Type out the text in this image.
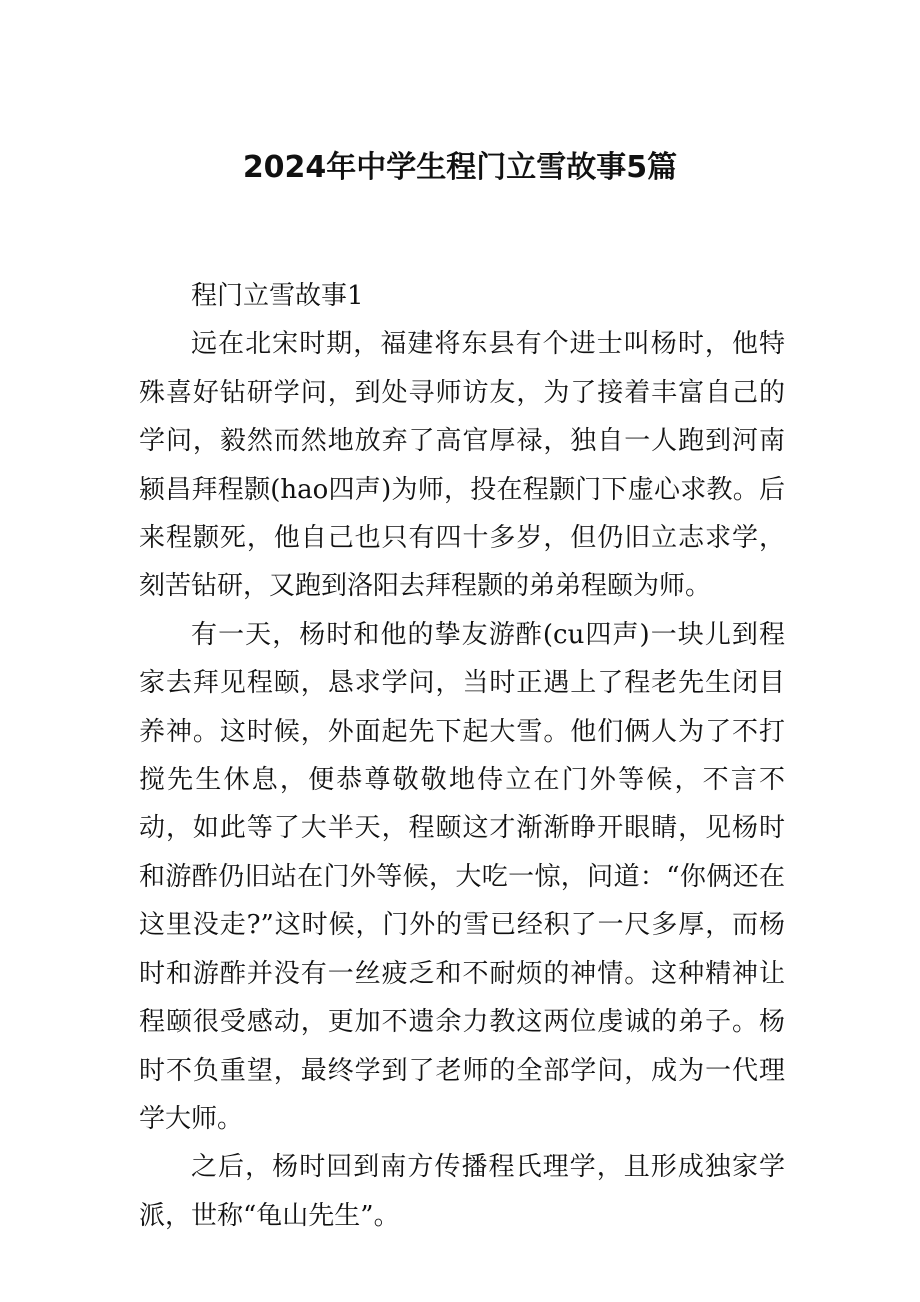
2024年中学生程门立雪故事5篇

程门立雪故事1

远在北宋时期，福建将东县有个进士叫杨时，他特殊喜好钻研学问，到处寻师访友，为了接着丰富自己的学问，毅然而然地放弃了高官厚禄，独自一人跑到河南颍昌拜程颢(hao四声)为师，投在程颢门下虚心求教。后来程颢死，他自己也只有四十多岁，但仍旧立志求学，刻苦钻研，又跑到洛阳去拜程颢的弟弟程颐为师。

有一天，杨时和他的挚友游酢(cu四声)一块儿到程家去拜见程颐，恳求学问，当时正遇上了程老先生闭目养神。这时候，外面起先下起大雪。他们俩人为了不打搅先生休息，便恭尊敬敬地侍立在门外等候，不言不动，如此等了大半天，程颐这才渐渐睁开眼睛，见杨时和游酢仍旧站在门外等候，大吃一惊，问道：“你俩还在这里没走?”这时候，门外的雪已经积了一尺多厚，而杨时和游酢并没有一丝疲乏和不耐烦的神情。这种精神让程颐很受感动，更加不遗余力教这两位虔诚的弟子。杨时不负重望，最终学到了老师的全部学问，成为一代理学大师。

之后，杨时回到南方传播程氏理学，且形成独家学派，世称“龟山先生”。
